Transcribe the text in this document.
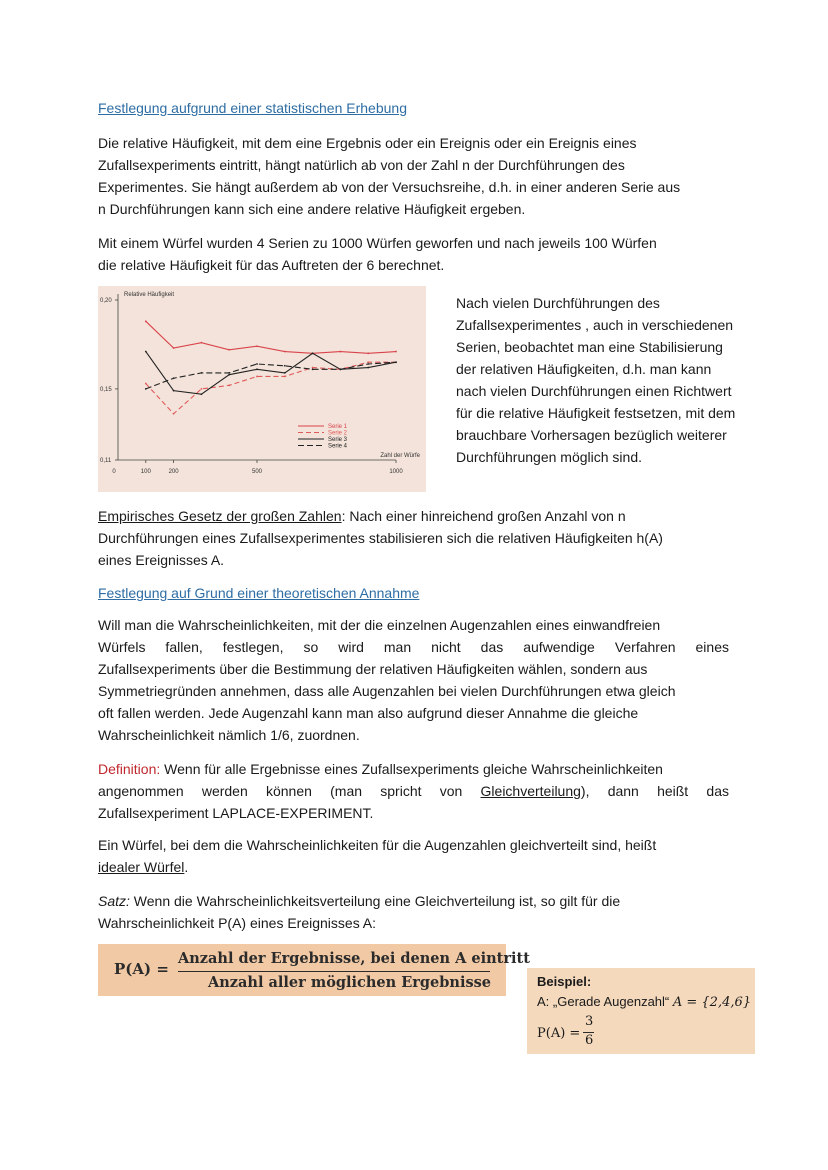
Festlegung aufgrund einer statistischen Erhebung
Die relative Häufigkeit, mit dem eine Ergebnis oder ein Ereignis oder ein Ereignis eines
Zufallsexperiments eintritt, hängt natürlich ab von der Zahl n der Durchführungen des
Experimentes. Sie hängt außerdem ab von der Versuchsreihe, d.h. in einer anderen Serie aus
n Durchführungen kann sich eine andere relative Häufigkeit ergeben.
Mit einem Würfel wurden 4 Serien zu 1000 Würfen geworfen und nach jeweils 100 Würfen
die relative Häufigkeit für das Auftreten der 6 berechnet.
0,20
0,15
0,11
0	100	200	500	1000
Relative Häufigkeit
Zahl der Würfe
Serie 1
Serie 2
Serie 3
Serie 4
Nach vielen Durchführungen des
Zufallsexperimentes , auch in verschiedenen
Serien, beobachtet man eine Stabilisierung
der relativen Häufigkeiten, d.h. man kann
nach vielen Durchführungen einen Richtwert
für die relative Häufigkeit festsetzen, mit dem
brauchbare Vorhersagen bezüglich weiterer
Durchführungen möglich sind.
Empirisches Gesetz der großen Zahlen: Nach einer hinreichend großen Anzahl von n
Durchführungen eines Zufallsexperimentes stabilisieren sich die relativen Häufigkeiten h(A)
eines Ereignisses A.
Festlegung auf Grund einer theoretischen Annahme
Will man die Wahrscheinlichkeiten, mit der die einzelnen Augenzahlen eines einwandfreien
Würfels fallen, festlegen, so wird man nicht das aufwendige Verfahren eines
Zufallsexperiments über die Bestimmung der relativen Häufigkeiten wählen, sondern aus
Symmetriegründen annehmen, dass alle Augenzahlen bei vielen Durchführungen etwa gleich
oft fallen werden. Jede Augenzahl kann man also aufgrund dieser Annahme die gleiche
Wahrscheinlichkeit nämlich 1/6, zuordnen.
Definition: Wenn für alle Ergebnisse eines Zufallsexperiments gleiche Wahrscheinlichkeiten
angenommen werden können (man spricht von Gleichverteilung), dann heißt das
Zufallsexperiment LAPLACE-EXPERIMENT.
Ein Würfel, bei dem die Wahrscheinlichkeiten für die Augenzahlen gleichverteilt sind, heißt
idealer Würfel.
Satz: Wenn die Wahrscheinlichkeitsverteilung eine Gleichverteilung ist, so gilt für die
Wahrscheinlichkeit P(A) eines Ereignisses A:
P(A) =
Anzahl der Ergebnisse, bei denen A eintritt
Anzahl aller möglichen Ergebnisse	Beispiel:
A: „Gerade Augenzahl“ A = {2,4,6}
P(A) =
3
6
